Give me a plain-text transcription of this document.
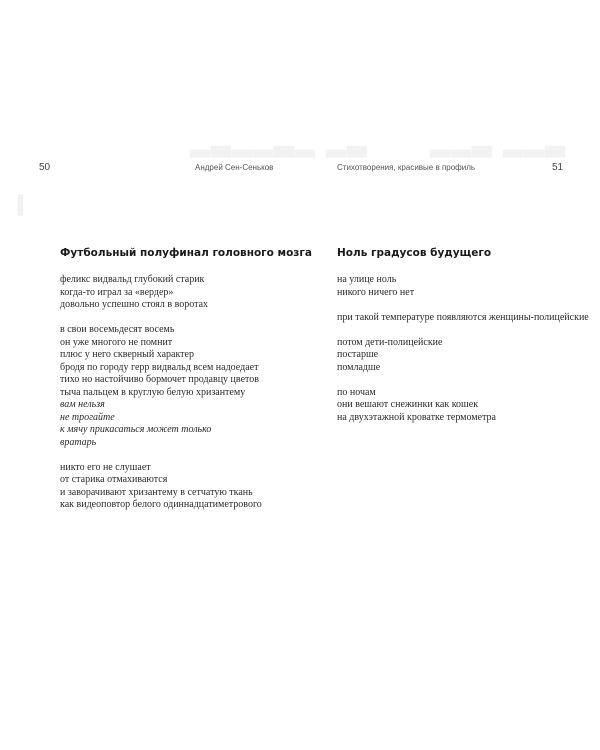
▂▃▂▂▃▂ ▂▃ ▂▂▃ ▂▂▃
▍
50	Андрей Сен-Сеньков
Футбольный полуфинал головного мозга
феликс видвальд глубокий старик
когда-то играл за «вердер»
довольно успешно стоял в воротах
в свои восемьдесят восемь
он уже многого не помнит
плюс у него скверный характер
бродя по городу герр видвальд всем надоедает
тихо но настойчиво бормочет продавцу цветов
тыча пальцем в круглую белую хризантему
вам нельзя
не трогайте
к мячу прикасаться может только
вратарь
никто его не слушает
от старика отмахиваются
и заворачивают хризантему в сетчатую ткань
как видеоповтор белого одиннадцатиметрового
Стихотворения, красивые в профиль	51
Ноль градусов будущего
на улице ноль
никого ничего нет
при такой температуре появляются женщины-полицейские
потом дети-полицейские
постарше
помладше
по ночам
они вешают снежинки как кошек
на двухэтажной кроватке термометра
